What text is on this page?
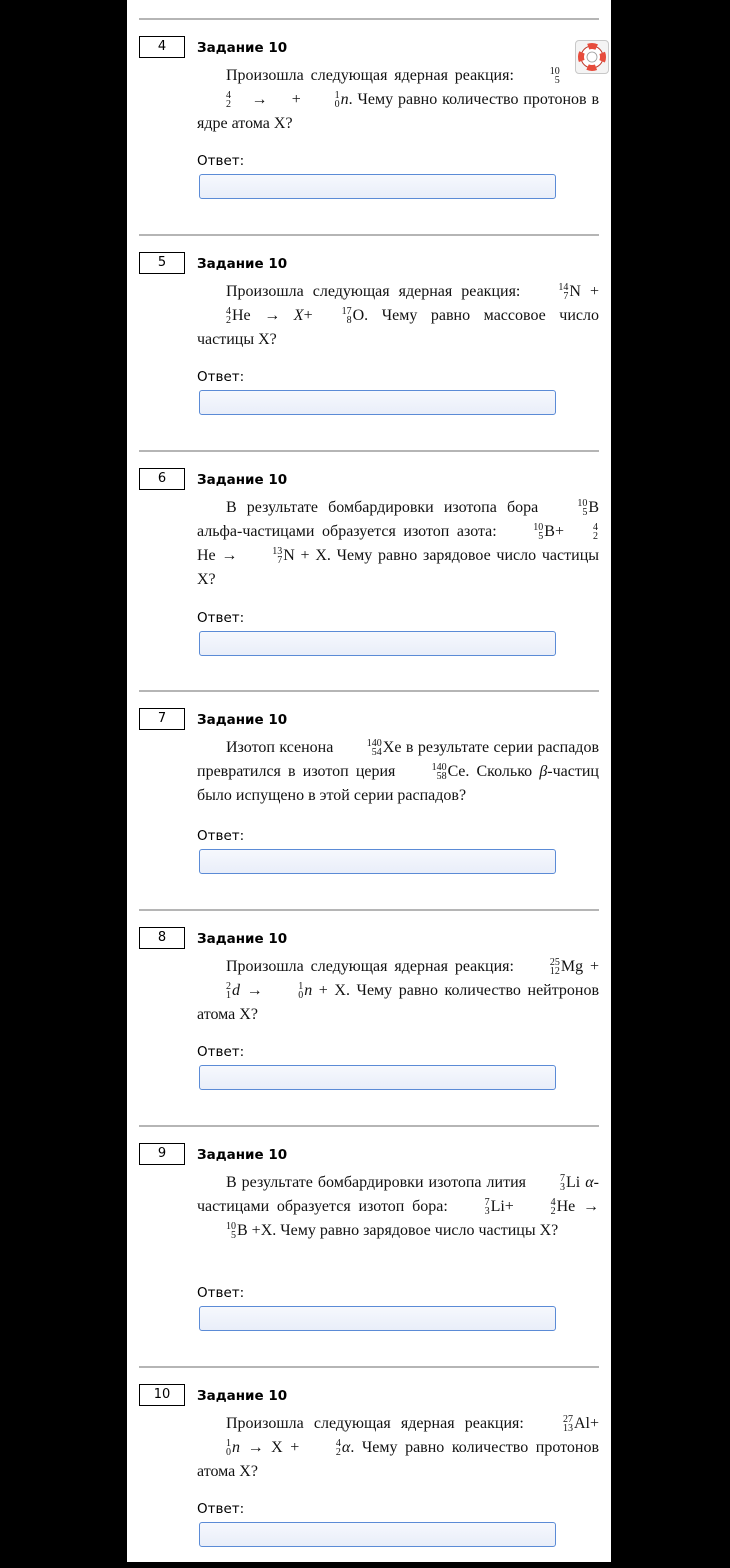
4	Задание 10

Произошла следующая ядерная реакция:	10
5

4
2 → +	1
0 n. Чему равно количество протонов в ядре атома X?

Ответ:
5	Задание 10

Произошла следующая ядерная реакция:	14
7 N +
4
2 He → X+	17
8 O. Чему равно массовое число частицы X?

Ответ:
6	Задание 10

В результате бомбардировки изотопа бора	10
5 B альфа-частицами образуется изотоп азота:	10
5 B+	4
2
He →	13
7 N + X. Чему равно зарядовое число частицы X?

Ответ:
7	Задание 10

Изотоп ксенона	140
54 Xe в результате серии распадов превратился в изотоп церия	140
58 Ce. Сколько β-частиц было испущено в этой серии распадов?

Ответ:
8	Задание 10

Произошла следующая ядерная реакция:	25
12 Mg +
2
1 d →	1
0 n + X. Чему равно количество нейтронов атома X?

Ответ:
9	Задание 10

В результате бомбардировки изотопа лития	7
3 Li α-частицами образуется изотоп бора:	7
3 Li+	4
2 He →
10
5 B +X. Чему равно зарядовое число частицы X?

Ответ:
10	Задание 10

Произошла следующая ядерная реакция:	27
13 Al+
1
0 n → X +	4
2 α. Чему равно количество протонов атома X?

Ответ:
